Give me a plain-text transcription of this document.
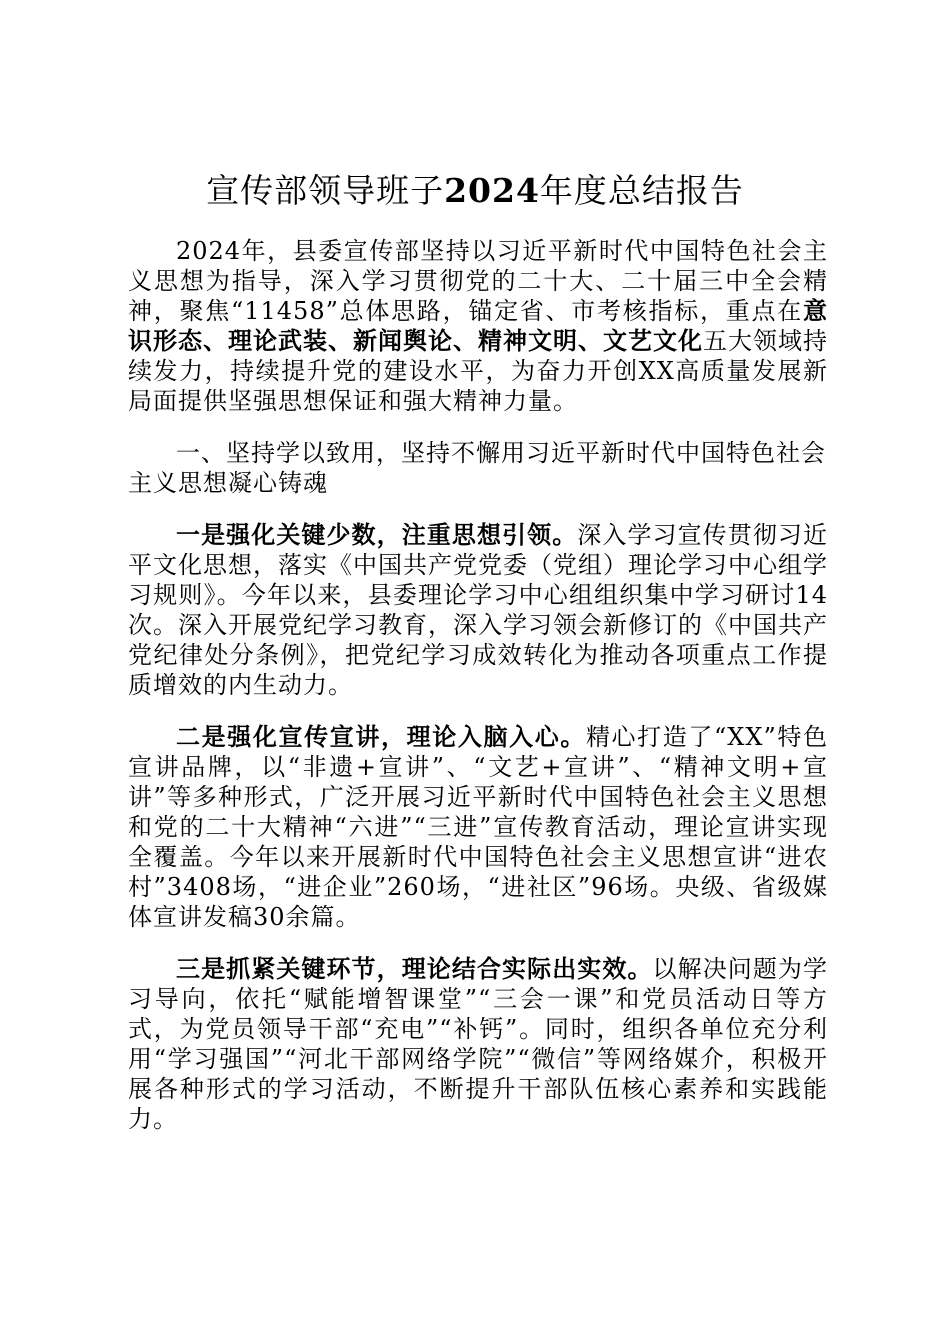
宣传部领导班子2024年度总结报告

2024年，县委宣传部坚持以习近平新时代中国特色社会主义思想为指导，深入学习贯彻党的二十大、二十届三中全会精神，聚焦“11458”总体思路，锚定省、市考核指标，重点在意识形态、理论武装、新闻舆论、精神文明、文艺文化五大领域持续发力，持续提升党的建设水平，为奋力开创XX高质量发展新局面提供坚强思想保证和强大精神力量。

一、坚持学以致用，坚持不懈用习近平新时代中国特色社会主义思想凝心铸魂

一是强化关键少数，注重思想引领。深入学习宣传贯彻习近平文化思想，落实《中国共产党党委（党组）理论学习中心组学习规则》。今年以来，县委理论学习中心组组织集中学习研讨14次。深入开展党纪学习教育，深入学习领会新修订的《中国共产党纪律处分条例》，把党纪学习成效转化为推动各项重点工作提质增效的内生动力。

二是强化宣传宣讲，理论入脑入心。精心打造了“XX”特色宣讲品牌，以“非遗+宣讲”、“文艺+宣讲”、“精神文明+宣讲”等多种形式，广泛开展习近平新时代中国特色社会主义思想和党的二十大精神“六进”“三进”宣传教育活动，理论宣讲实现全覆盖。今年以来开展新时代中国特色社会主义思想宣讲“进农村”3408场，“进企业”260场，“进社区”96场。央级、省级媒体宣讲发稿30余篇。

三是抓紧关键环节，理论结合实际出实效。以解决问题为学习导向，依托“赋能增智课堂”“三会一课”和党员活动日等方式，为党员领导干部“充电”“补钙”。同时，组织各单位充分利用“学习强国”“河北干部网络学院”“微信”等网络媒介，积极开展各种形式的学习活动，不断提升干部队伍核心素养和实践能力。
